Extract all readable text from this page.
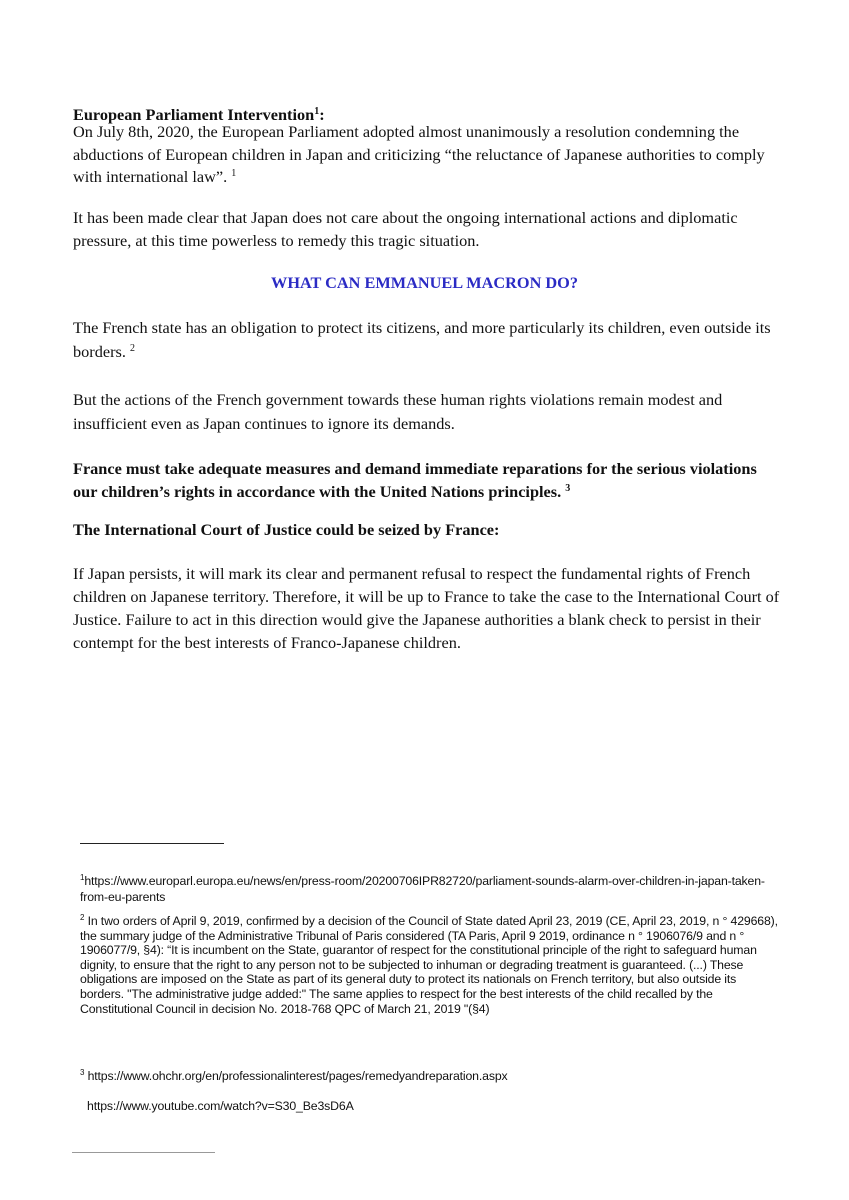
European Parliament Intervention$^1$:

On July 8th, 2020, the European Parliament adopted almost unanimously a resolution condemning the abductions of European children in Japan and criticizing “the reluctance of Japanese authorities to comply with international law”. $^1$

It has been made clear that Japan does not care about the ongoing international actions and diplomatic pressure, at this time powerless to remedy this tragic situation.

WHAT CAN EMMANUEL MACRON DO?

The French state has an obligation to protect its citizens, and more particularly its children, even outside its borders. $^2$

But the actions of the French government towards these human rights violations remain modest and insufficient even as Japan continues to ignore its demands.

France must take adequate measures and demand immediate reparations for the serious violations our children’s rights in accordance with the United Nations principles. $^3$

The International Court of Justice could be seized by France:

If Japan persists, it will mark its clear and permanent refusal to respect the fundamental rights of French children on Japanese territory. Therefore, it will be up to France to take the case to the International Court of Justice. Failure to act in this direction would give the Japanese authorities a blank check to persist in their contempt for the best interests of Franco-Japanese children.

$^1$https://www.europarl.europa.eu/news/en/press-room/20200706IPR82720/parliament-sounds-alarm-over-children-in-japan-taken-from-eu-parents

$^2$ In two orders of April 9, 2019, confirmed by a decision of the Council of State dated April 23, 2019 (CE, April 23, 2019, n ° 429668), the summary judge of the Administrative Tribunal of Paris considered (TA Paris, April 9 2019, ordinance n ° 1906076/9 and n ° 1906077/9, §4): “It is incumbent on the State, guarantor of respect for the constitutional principle of the right to safeguard human dignity, to ensure that the right to any person not to be subjected to inhuman or degrading treatment is guaranteed. (...) These obligations are imposed on the State as part of its general duty to protect its nationals on French territory, but also outside its borders. "The administrative judge added:" The same applies to respect for the best interests of the child recalled by the Constitutional Council in decision No. 2018-768 QPC of March 21, 2019 "(§4)

$^3$ https://www.ohchr.org/en/professionalinterest/pages/remedyandreparation.aspx

https://www.youtube.com/watch?v=S30_Be3sD6A
